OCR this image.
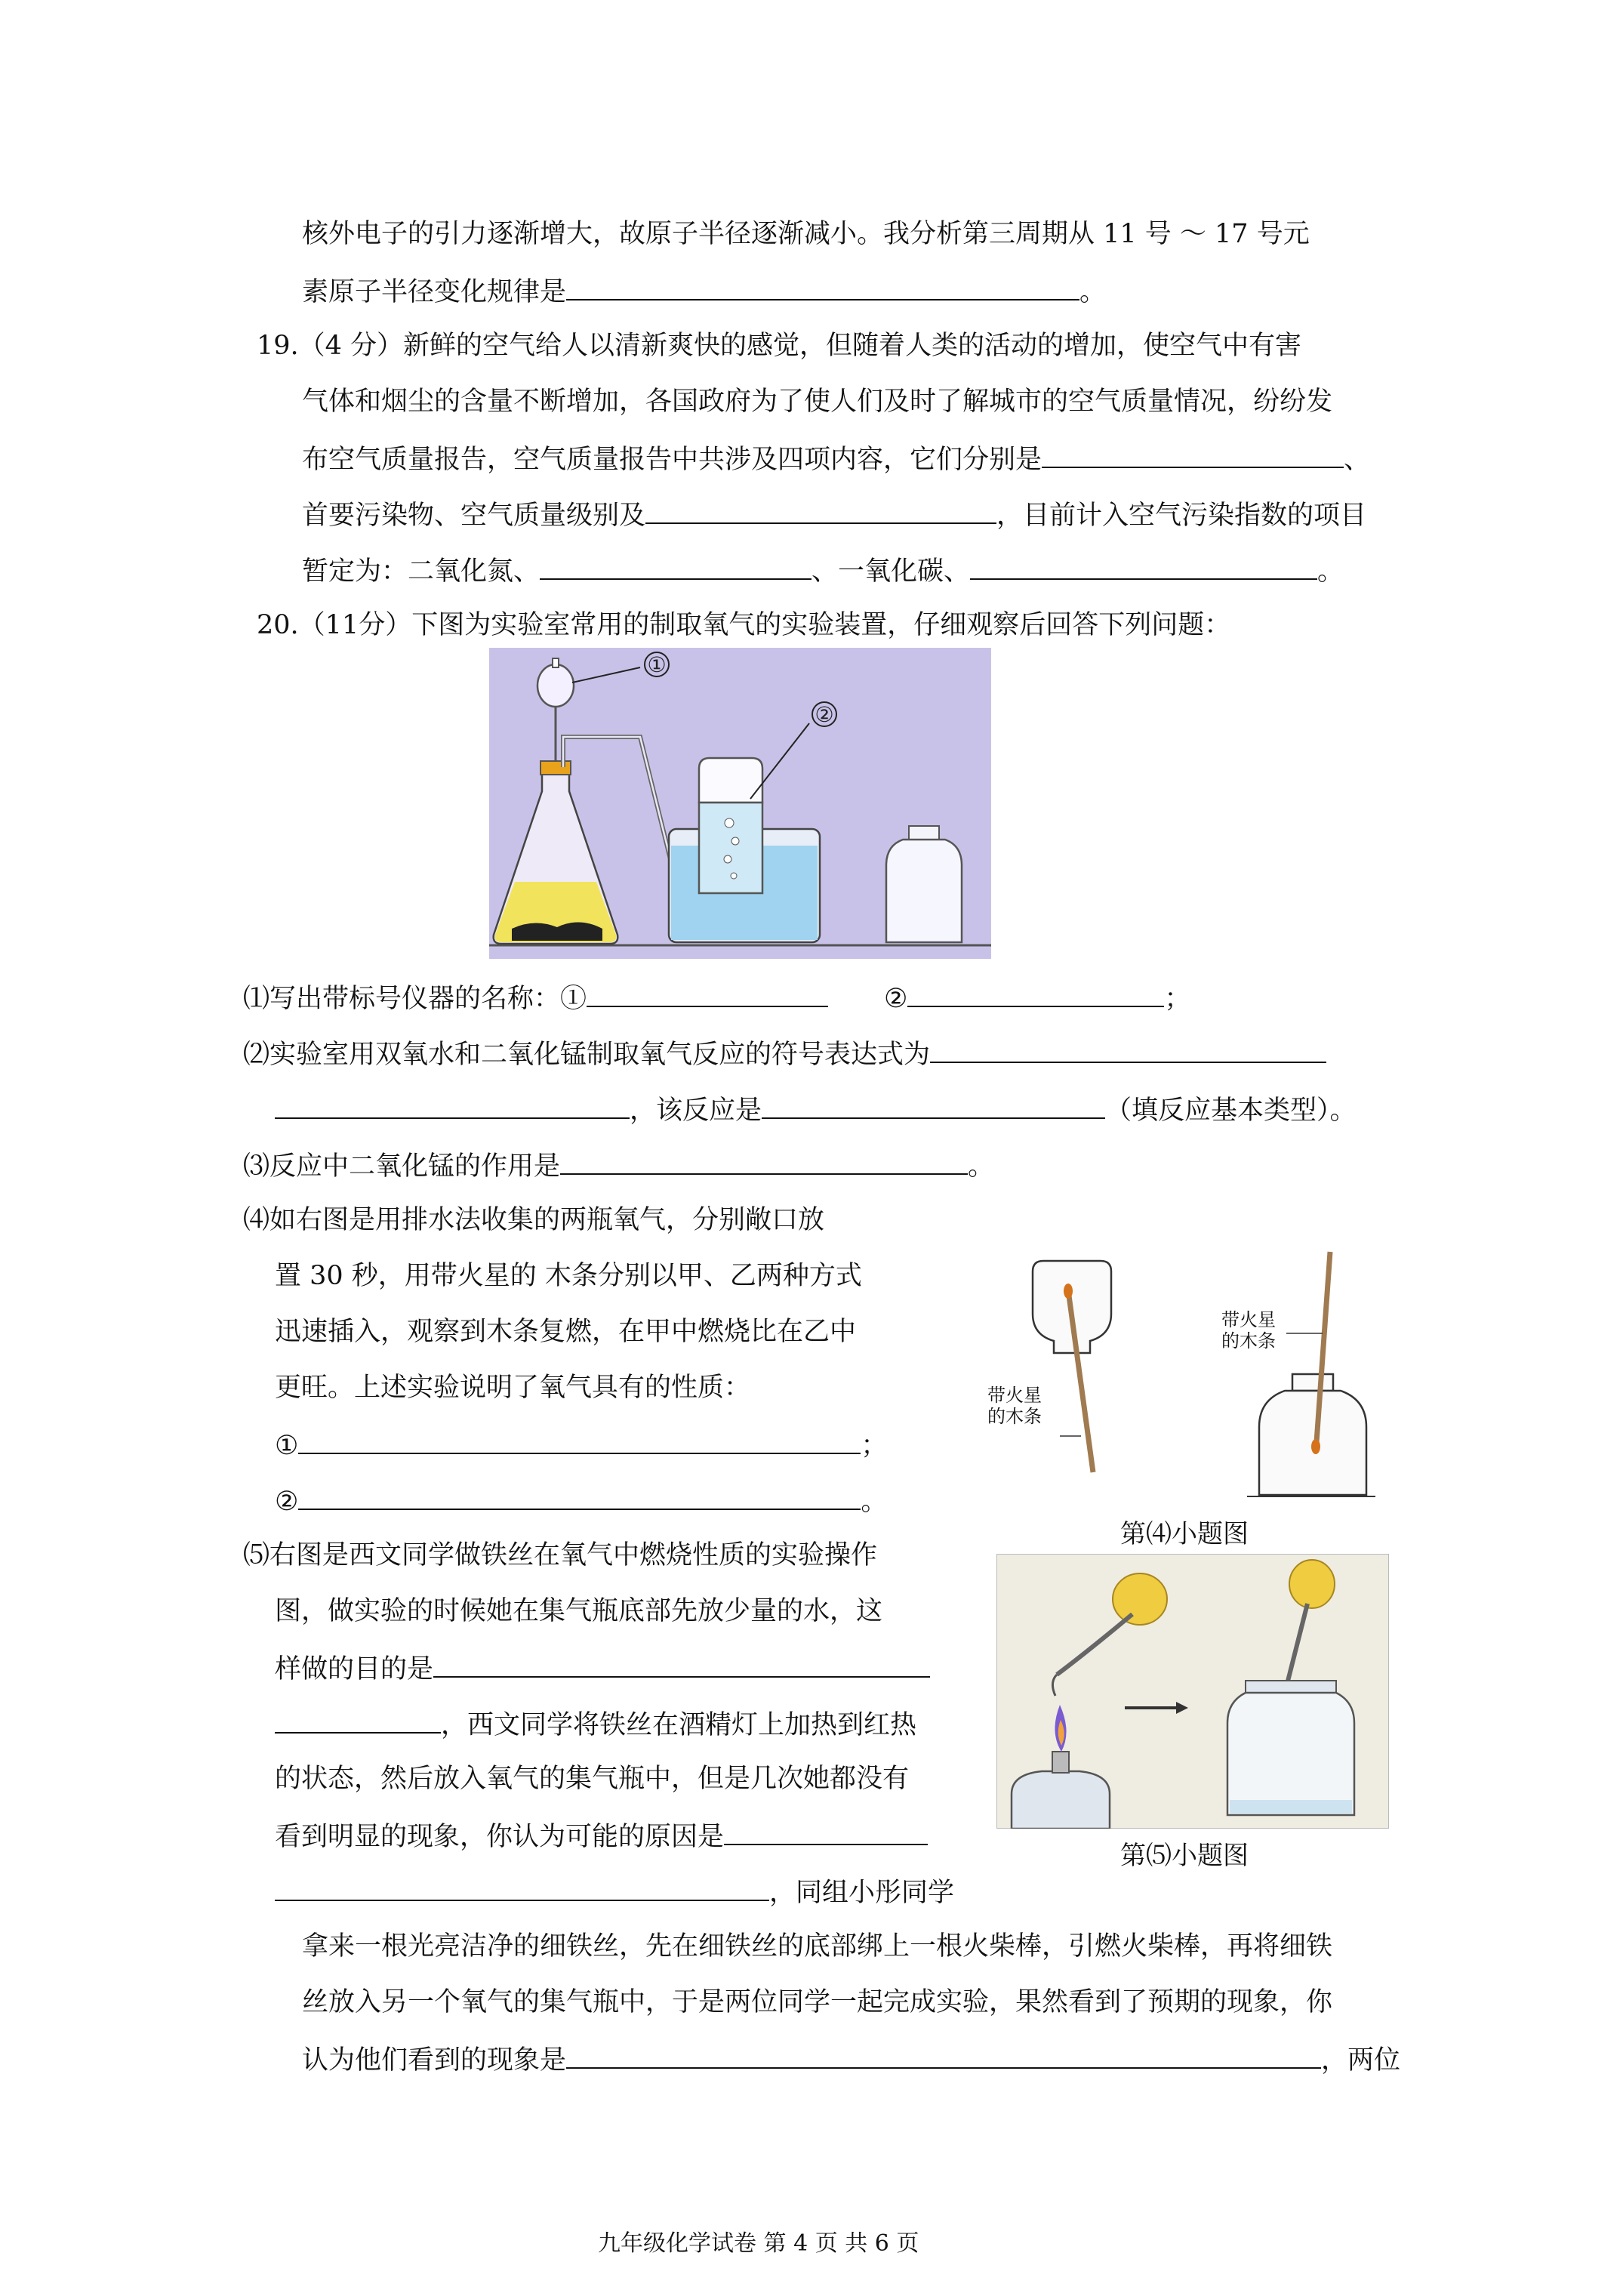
核外电子的引力逐渐增大，故原子半径逐渐减小。我分析第三周期从 11 号 ～ 17 号元
素原子半径变化规律是	。
19.（4 分）新鲜的空气给人以清新爽快的感觉，但随着人类的活动的增加，使空气中有害
气体和烟尘的含量不断增加，各国政府为了使人们及时了解城市的空气质量情况，纷纷发
布空气质量报告，空气质量报告中共涉及四项内容，它们分别是	、
首要污染物、空气质量级别及	，目前计入空气污染指数的项目
暂定为：二氧化氮、	、一氧化碳、	。
20.（11分）下图为实验室常用的制取氧气的实验装置，仔细观察后回答下列问题：
①
②
⑴写出带标号仪器的名称：①	②	；
⑵实验室用双氧水和二氧化锰制取氧气反应的符号表达式为
，该反应是	（填反应基本类型）。
⑶反应中二氧化锰的作用是	。
⑷如右图是用排水法收集的两瓶氧气，分别敞口放
置 30 秒，用带火星的 木条分别以甲、乙两种方式
迅速插入，观察到木条复燃，在甲中燃烧比在乙中
更旺。上述实验说明了氧气具有的性质：
①	；
②	。
带火星
的木条
带火星
的木条
第⑷小题图
⑸右图是西文同学做铁丝在氧气中燃烧性质的实验操作
图，做实验的时候她在集气瓶底部先放少量的水，这
样做的目的是
，西文同学将铁丝在酒精灯上加热到红热
的状态，然后放入氧气的集气瓶中，但是几次她都没有
看到明显的现象，你认为可能的原因是
，同组小彤同学
拿来一根光亮洁净的细铁丝，先在细铁丝的底部绑上一根火柴棒，引燃火柴棒，再将细铁
丝放入另一个氧气的集气瓶中，于是两位同学一起完成实验，果然看到了预期的现象，你
认为他们看到的现象是	，两位
第⑸小题图
九年级化学试卷 第 4 页 共 6 页
